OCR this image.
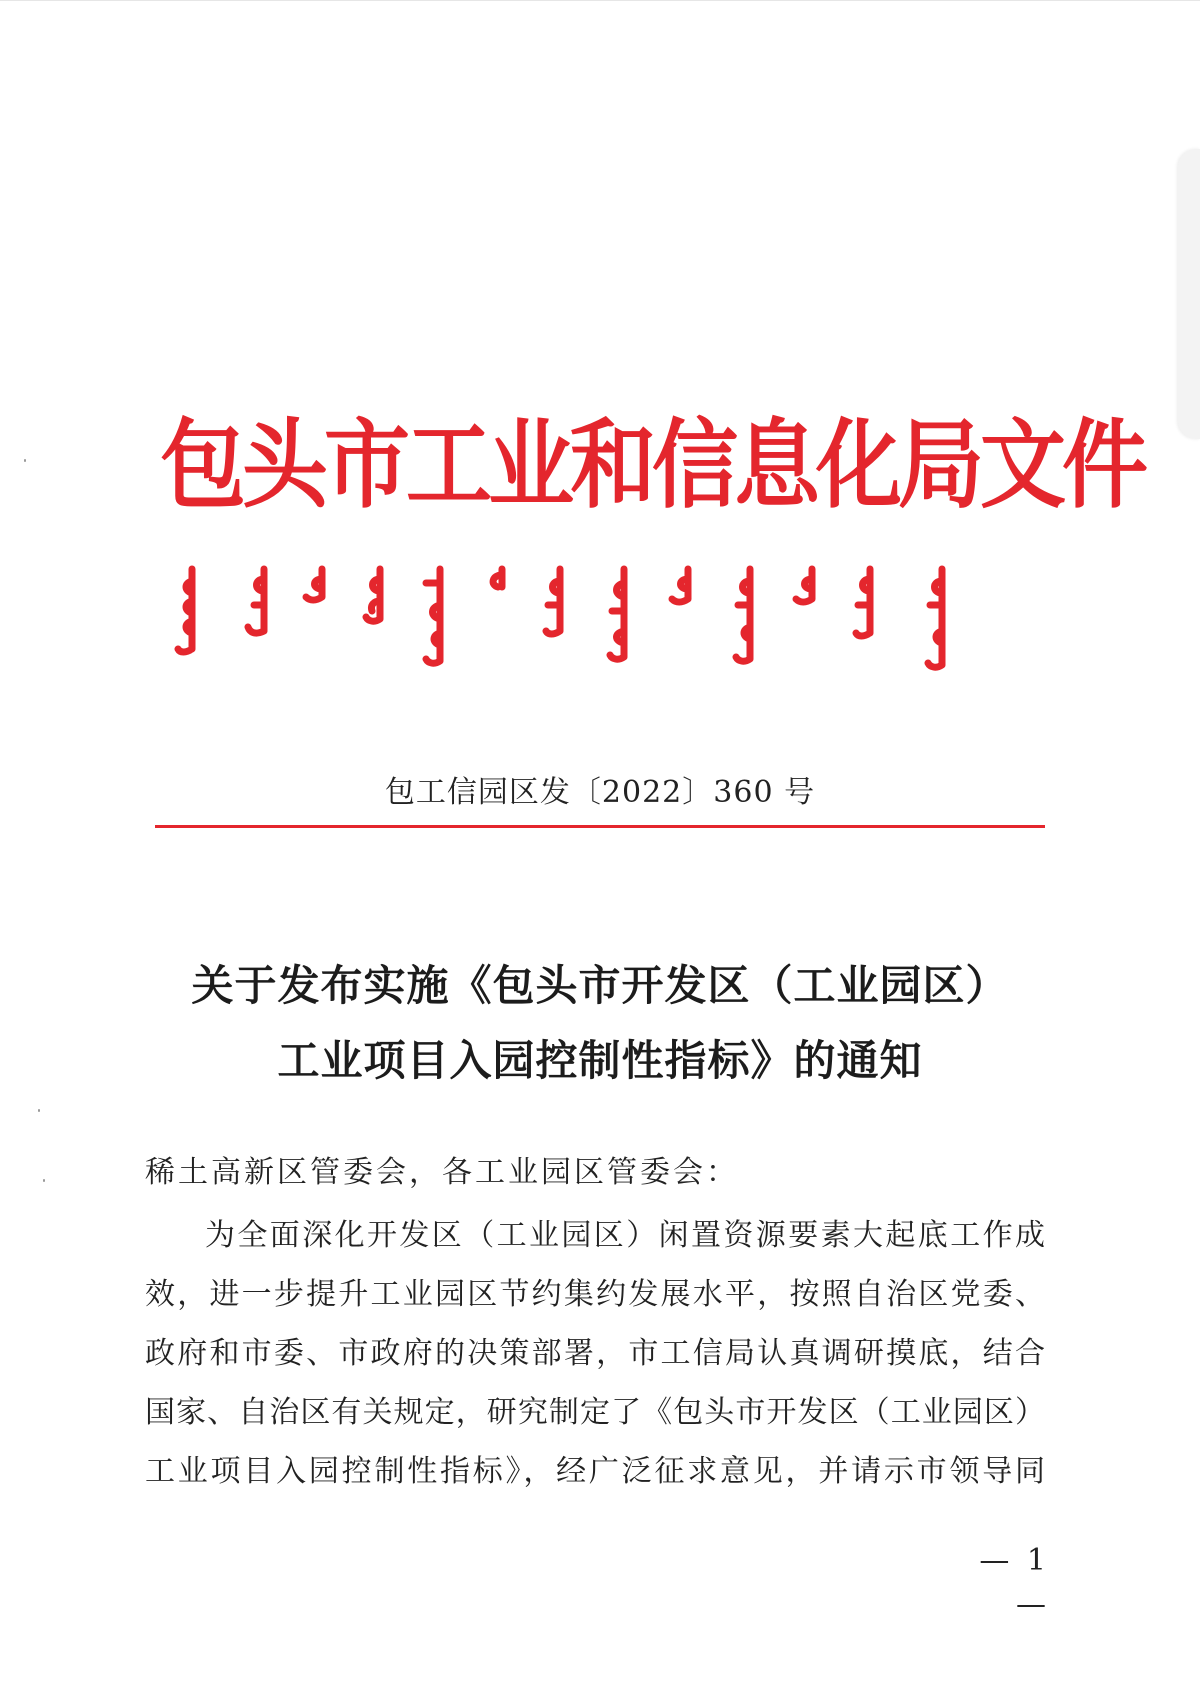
包头市工业和信息化局文件
包工信园区发〔2022〕360 号
关于发布实施《包头市开发区（工业园区）
工业项目入园控制性指标》的通知
稀土高新区管委会，各工业园区管委会：
为全面深化开发区（工业园区）闲置资源要素大起底工作成
效，进一步提升工业园区节约集约发展水平，按照自治区党委、
政府和市委、市政府的决策部署，市工信局认真调研摸底，结合
国家、自治区有关规定，研究制定了《包头市开发区（工业园区）
工业项目入园控制性指标》，经广泛征求意见，并请示市领导同
— 1 —
